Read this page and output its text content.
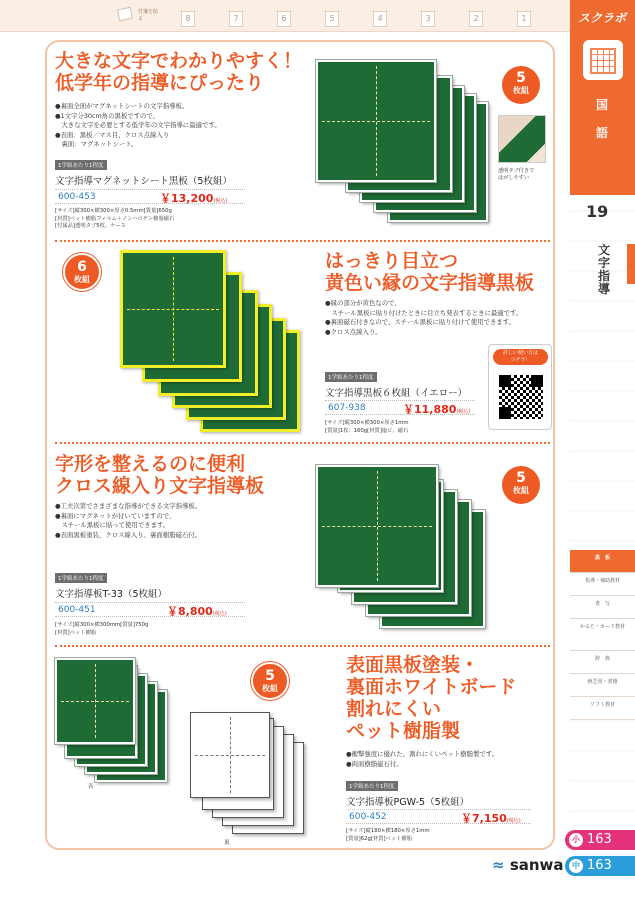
付箋を貼る	8	7	6	5	4	3	2	1	スクラボ
国
語
19
文字指導
黒　板
指導・補助教材
書　写
かるた・カード教材
辞　典
統芝用・書籍
ソフト教材
大きな文字でわかりやすく！
低学年の指導にぴったり
●裏面全面がマグネットシートの文字指導板。
●1文字分30cm角の黒板ですので、
　大きな文字を必要とする低学年の文字指導に最適です。
●表面：黒板／マス目、クロス点線入り
　裏面：マグネットシート。
1学級あたり1程度
文字指導マグネットシート黒板（5枚組）
600-453	￥13,200(税込)
[サイズ]縦300×横300×厚さ0.5mm[質量]650g
[材質]ペット樹脂フィルム＋ノンハロゲン樹脂磁石
[付属品]透明タブ5枚、ケース
5
枚組
透明タブ付きで
はがしやすい
6
枚組
はっきり目立つ
黄色い縁の文字指導黒板
●縁の部分が黄色なので、
　スチール黒板に貼り付けたときに目立ち発表するときに最適です。
●裏面磁石付きなので、スチール黒板に貼り付けて使用できます。
●クロス点線入り。
1学級あたり1程度
文字指導黒板６枚組（イエロー）
607-938	￥11,880(税込)
[サイズ]縦300×横300×厚さ1mm
[質量]1枚：160g[材質]塩ビ、磁石
詳しい使い方は
コチラ！
字形を整えるのに便利
クロス線入り文字指導板
●工夫次第でさまざまな指導ができる文字指導板。
●裏面にマグネットが付いていますので、
　スチール黒板に貼って使用できます。
●表面黒板塗装、クロス線入り、裏面樹脂磁石付。
1学級あたり1程度
文字指導板T-33（5枚組）
600-451	￥8,800(税込)
[サイズ]縦300×横300mm[質量]750g
[材質]ペット樹脂
5
枚組
表
5
枚組
裏
表面黒板塗装・
裏面ホワイトボード
割れにくい
ペット樹脂製
●衝撃強度に優れた、割れにくいペット樹脂製です。
●両面樹脂磁石付。
1学級あたり1程度
文字指導板PGW-5（5枚組）
600-452	￥7,150(税込)
[サイズ]縦180×横180×厚さ1mm
[質量]62g[材質]ペット樹脂
≈ sanwa
小 163
中 163
